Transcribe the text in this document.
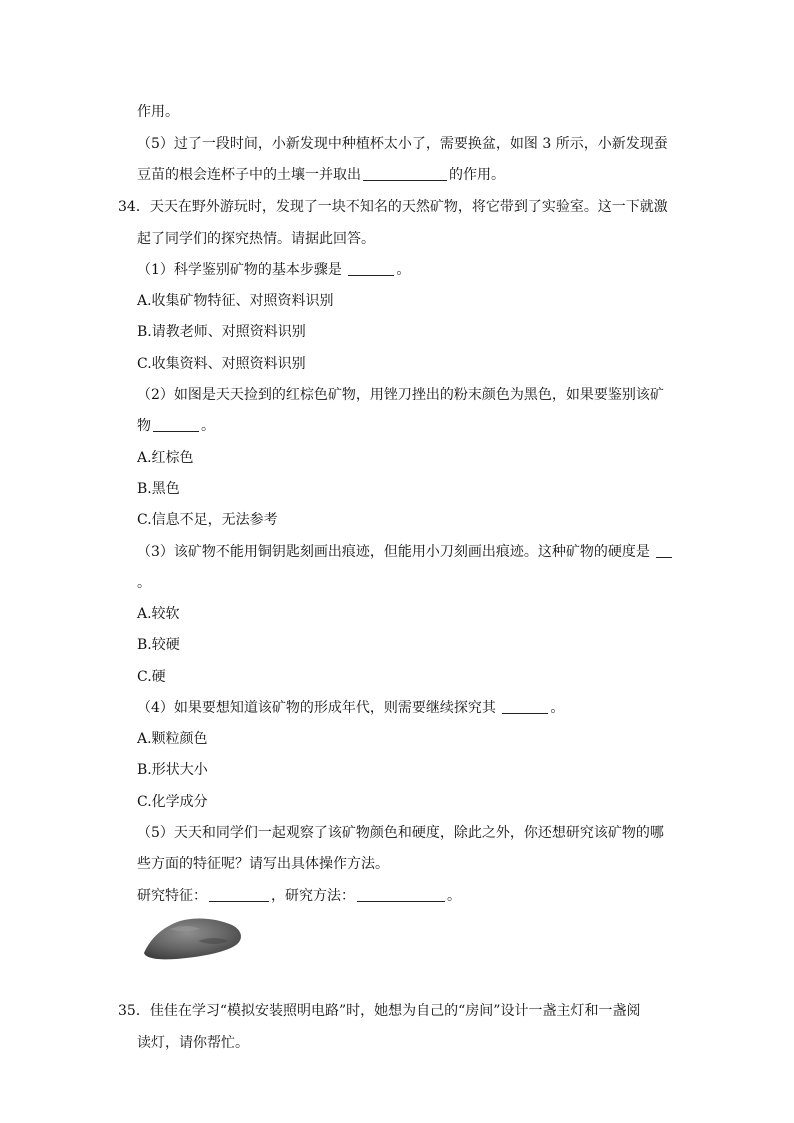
作用。
（5）过了一段时间，小新发现中种植杯太小了，需要换盆，如图 3 所示，小新发现蚕
豆苗的根会连杯子中的土壤一并取出	的作用。
34．天天在野外游玩时，发现了一块不知名的天然矿物，将它带到了实验室。这一下就激
起了同学们的探究热情。请据此回答。
（1）科学鉴别矿物的基本步骤是	。
A.收集矿物特征、对照资料识别
B.请教老师、对照资料识别
C.收集资料、对照资料识别
（2）如图是天天捡到的红棕色矿物，用锉刀挫出的粉末颜色为黑色，如果要鉴别该矿
物	。
A.红棕色
B.黑色
C.信息不足，无法参考
（3）该矿物不能用铜钥匙刻画出痕迹，但能用小刀刻画出痕迹。这种矿物的硬度是
。
A.较软
B.较硬
C.硬
（4）如果要想知道该矿物的形成年代，则需要继续探究其	。
A.颗粒颜色
B.形状大小
C.化学成分
（5）天天和同学们一起观察了该矿物颜色和硬度，除此之外，你还想研究该矿物的哪
些方面的特征呢？请写出具体操作方法。
研究特征：	，研究方法：	。
35．佳佳在学习“模拟安装照明电路”时，她想为自己的“房间”设计一盏主灯和一盏阅
读灯，请你帮忙。
